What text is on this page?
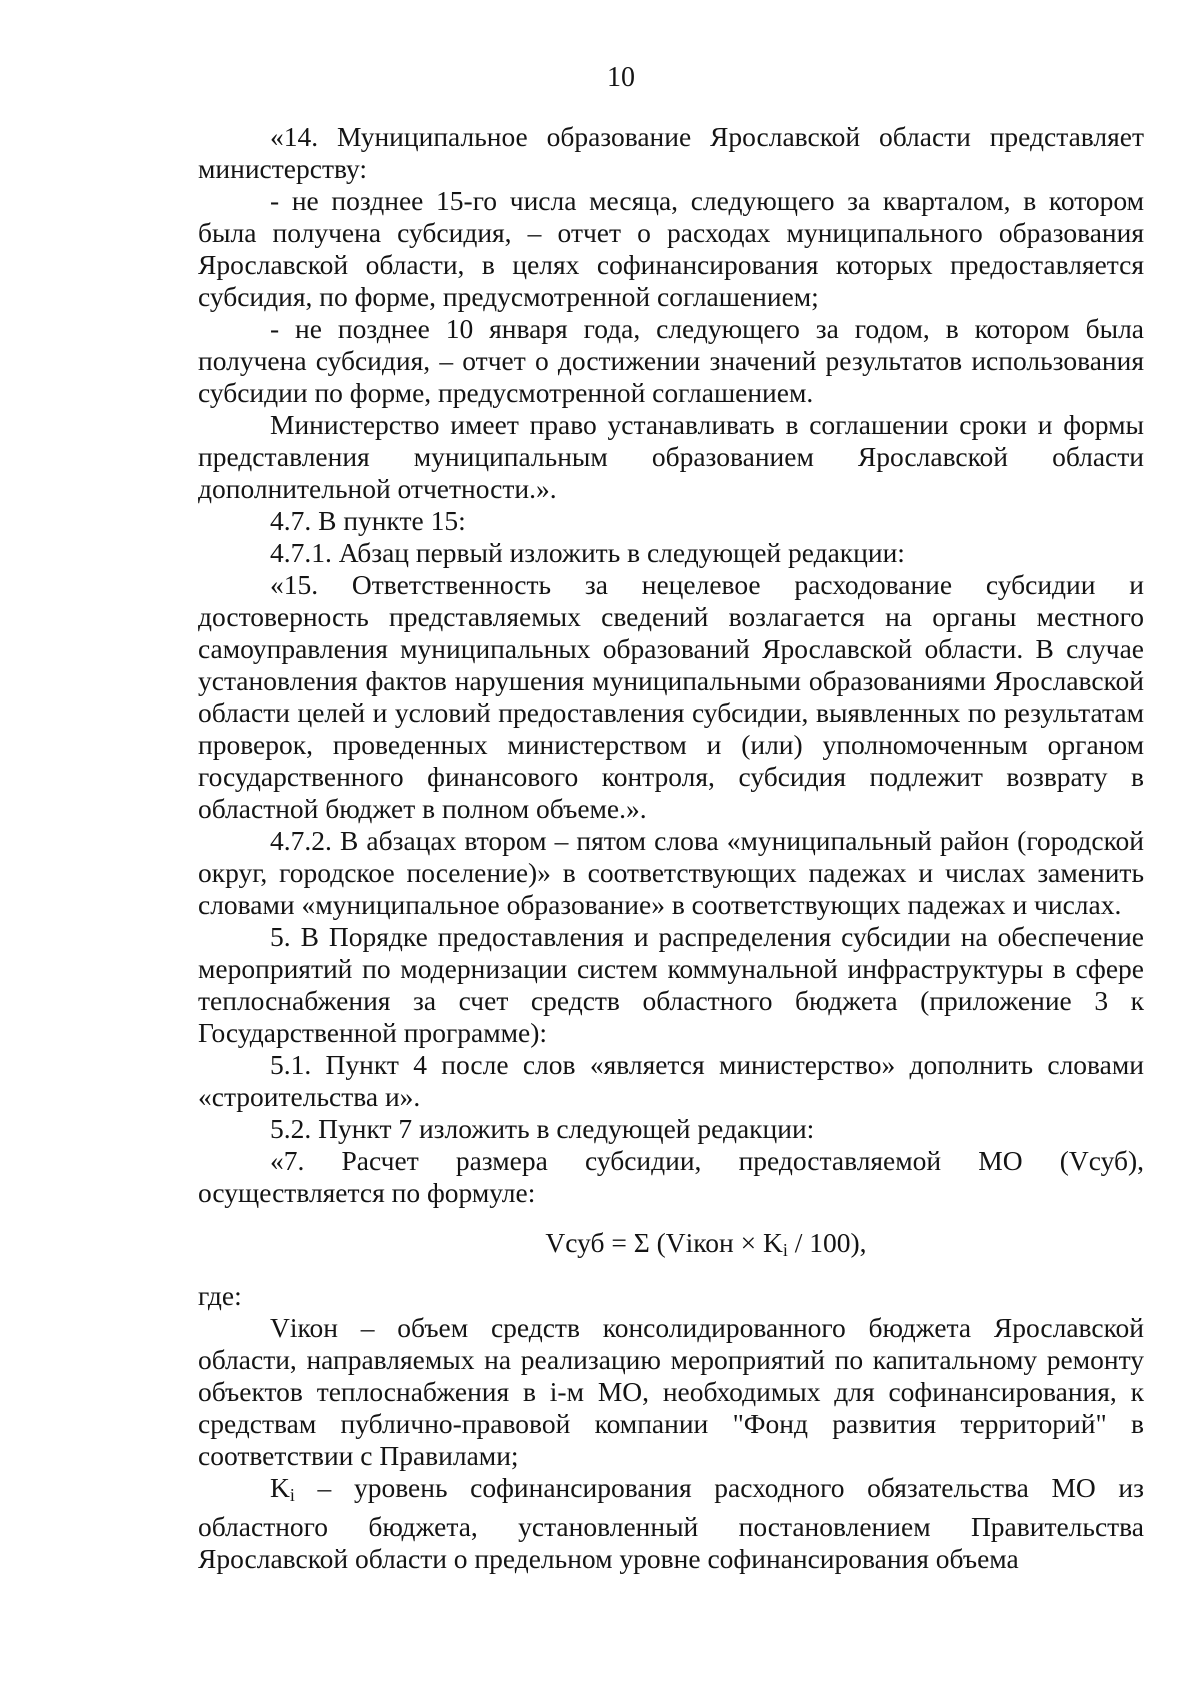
10

«14. Муниципальное образование Ярославской области представляет министерству:

- не позднее 15-го числа месяца, следующего за кварталом, в котором была получена субсидия, – отчет о расходах муниципального образования Ярославской области, в целях софинансирования которых предоставляется субсидия, по форме, предусмотренной соглашением;

- не позднее 10 января года, следующего за годом, в котором была получена субсидия, – отчет о достижении значений результатов использования субсидии по форме, предусмотренной соглашением.

Министерство имеет право устанавливать в соглашении сроки и формы представления муниципальным образованием Ярославской области дополнительной отчетности.».

4.7. В пункте 15:

4.7.1. Абзац первый изложить в следующей редакции:

«15. Ответственность за нецелевое расходование субсидии и достоверность представляемых сведений возлагается на органы местного самоуправления муниципальных образований Ярославской области. В случае установления фактов нарушения муниципальными образованиями Ярославской области целей и условий предоставления субсидии, выявленных по результатам проверок, проведенных министерством и (или) уполномоченным органом государственного финансового контроля, субсидия подлежит возврату в областной бюджет в полном объеме.».

4.7.2. В абзацах втором – пятом слова «муниципальный район (городской округ, городское поселение)» в соответствующих падежах и числах заменить словами «муниципальное образование» в соответствующих падежах и числах.

5. В Порядке предоставления и распределения субсидии на обеспечение мероприятий по модернизации систем коммунальной инфраструктуры в сфере теплоснабжения за счет средств областного бюджета (приложение 3 к Государственной программе):

5.1. Пункт 4 после слов «является министерство» дополнить словами «строительства и».

5.2. Пункт 7 изложить в следующей редакции:

«7. Расчет размера субсидии, предоставляемой МО (Vсуб), осуществляется по формуле:

Vсуб = Σ (Vікон × $K_i / 100$),

где:

Vікон – объем средств консолидированного бюджета Ярославской области, направляемых на реализацию мероприятий по капитальному ремонту объектов теплоснабжения в і-м МО, необходимых для софинансирования, к средствам публично-правовой компании "Фонд развития территорий" в соответствии с Правилами;

$K_i$ – уровень софинансирования расходного обязательства МО из областного бюджета, установленный постановлением Правительства Ярославской области о предельном уровне софинансирования объема
